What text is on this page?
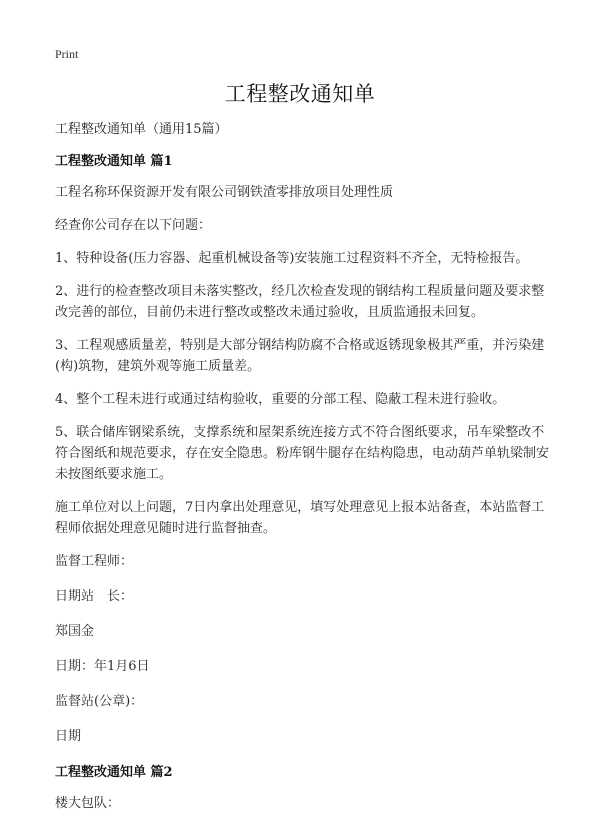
Print
工程整改通知单
工程整改通知单（通用15篇）
工程整改通知单 篇1
工程名称环保资源开发有限公司钢铁渣零排放项目处理性质
经查你公司存在以下问题：
1、特种设备(压力容器、起重机械设备等)安装施工过程资料不齐全，无特检报告。
2、进行的检查整改项目未落实整改，经几次检查发现的钢结构工程质量问题及要求整改完善的部位，目前仍未进行整改或整改未通过验收，且质监通报未回复。
3、工程观感质量差，特别是大部分钢结构防腐不合格或返锈现象极其严重，并污染建(构)筑物，建筑外观等施工质量差。
4、整个工程未进行或通过结构验收，重要的分部工程、隐蔽工程未进行验收。
5、联合储库钢梁系统，支撑系统和屋架系统连接方式不符合图纸要求，吊车梁整改不符合图纸和规范要求，存在安全隐患。粉库钢牛腿存在结构隐患，电动葫芦单轨梁制安未按图纸要求施工。
施工单位对以上问题，7日内拿出处理意见，填写处理意见上报本站备查，本站监督工程师依据处理意见随时进行监督抽查。
监督工程师：
日期站　长：
郑国金
日期：年1月6日
监督站(公章)：
日期
工程整改通知单 篇2
楼大包队：
